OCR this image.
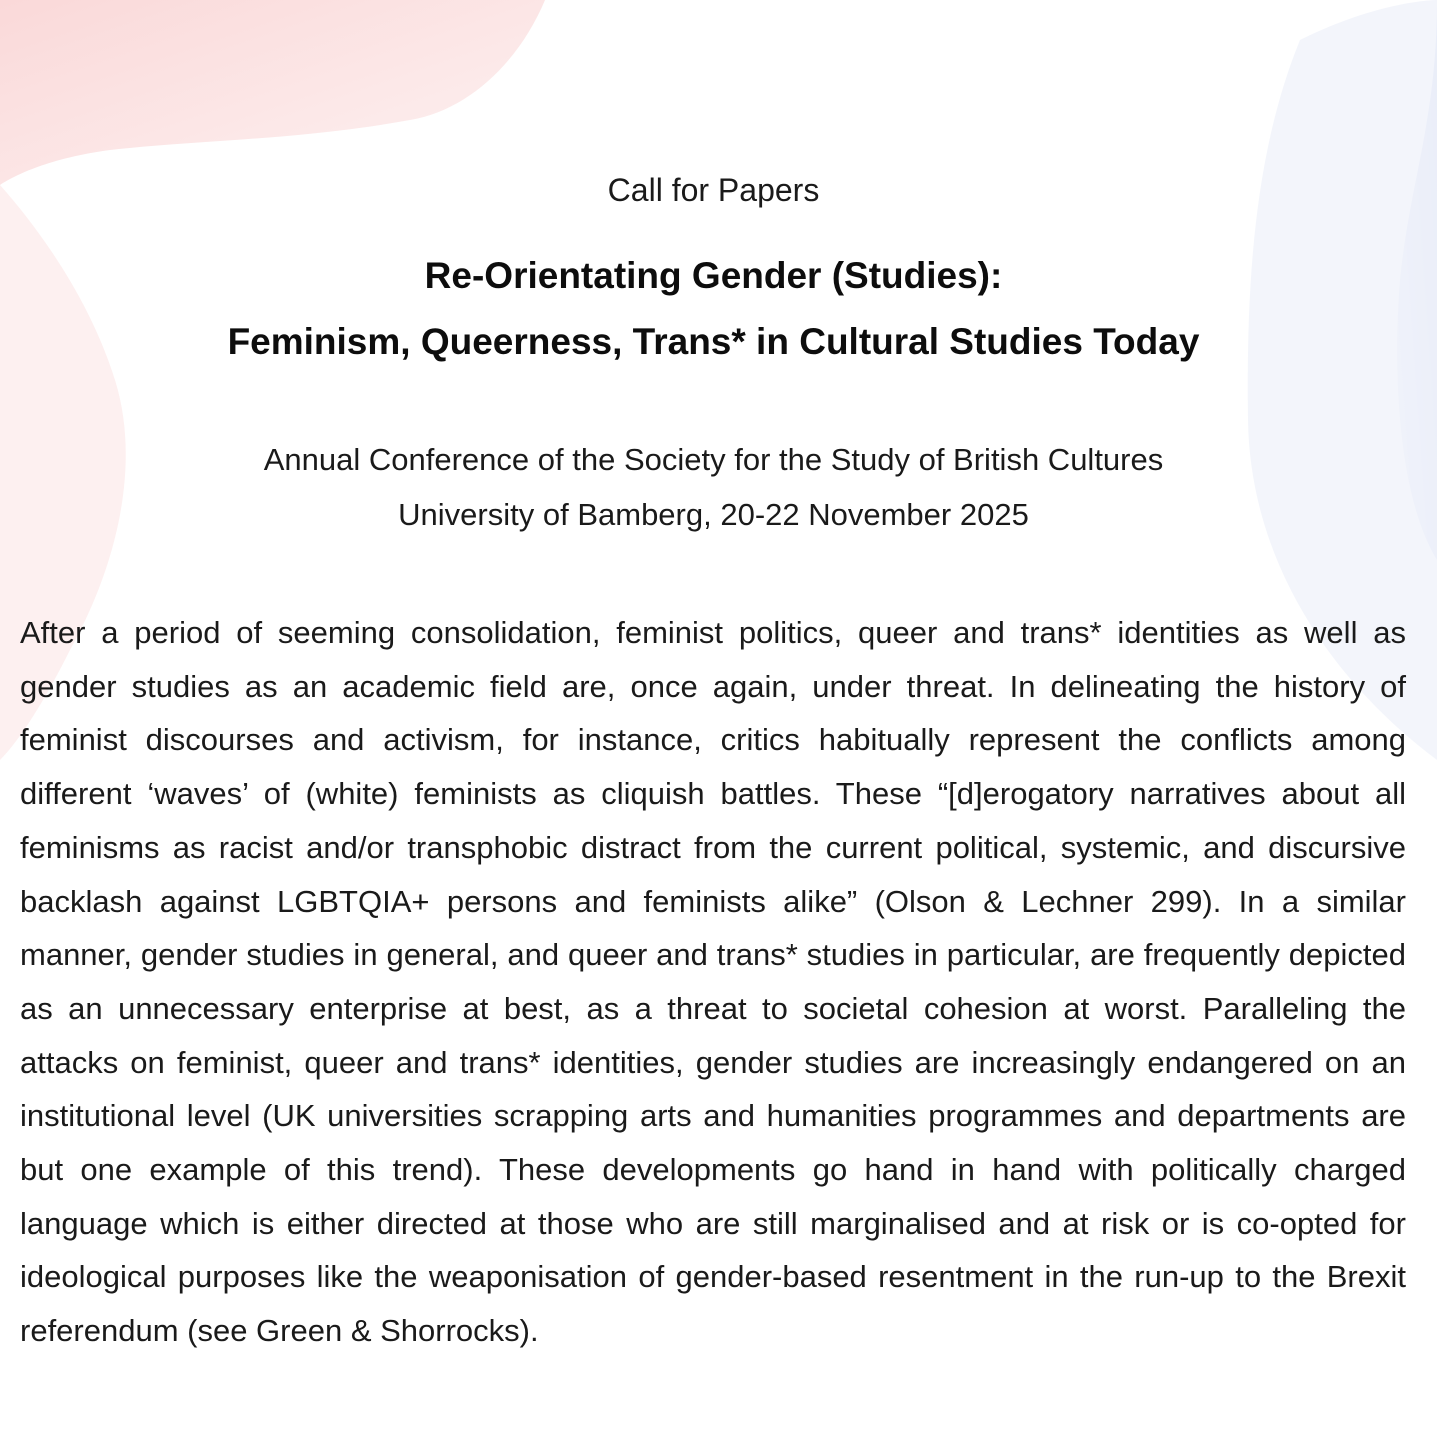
Call for Papers
Re-Orientating Gender (Studies):
Feminism, Queerness, Trans* in Cultural Studies Today
Annual Conference of the Society for the Study of British Cultures
University of Bamberg, 20-22 November 2025

After a period of seeming consolidation, feminist politics, queer and trans* identities as well as gender studies as an academic field are, once again, under threat. In delineating the history of feminist discourses and activism, for instance, critics habitually represent the conflicts among different ‘waves’ of (white) feminists as cliquish battles. These “[d]erogatory narratives about all feminisms as racist and/or transphobic distract from the current political, systemic, and discursive backlash against LGBTQIA+ persons and feminists alike” (Olson & Lechner 299). In a similar manner, gender studies in general, and queer and trans* studies in particular, are frequently depicted as an unnecessary enterprise at best, as a threat to societal cohesion at worst. Paralleling the attacks on feminist, queer and trans* identities, gender studies are increasingly endangered on an institutional level (UK universities scrapping arts and humanities programmes and departments are but one example of this trend). These developments go hand in hand with politically charged language which is either directed at those who are still marginalised and at risk or is co-opted for ideological purposes like the weaponisation of gender-based resentment in the run-up to the Brexit referendum (see Green & Shorrocks).
